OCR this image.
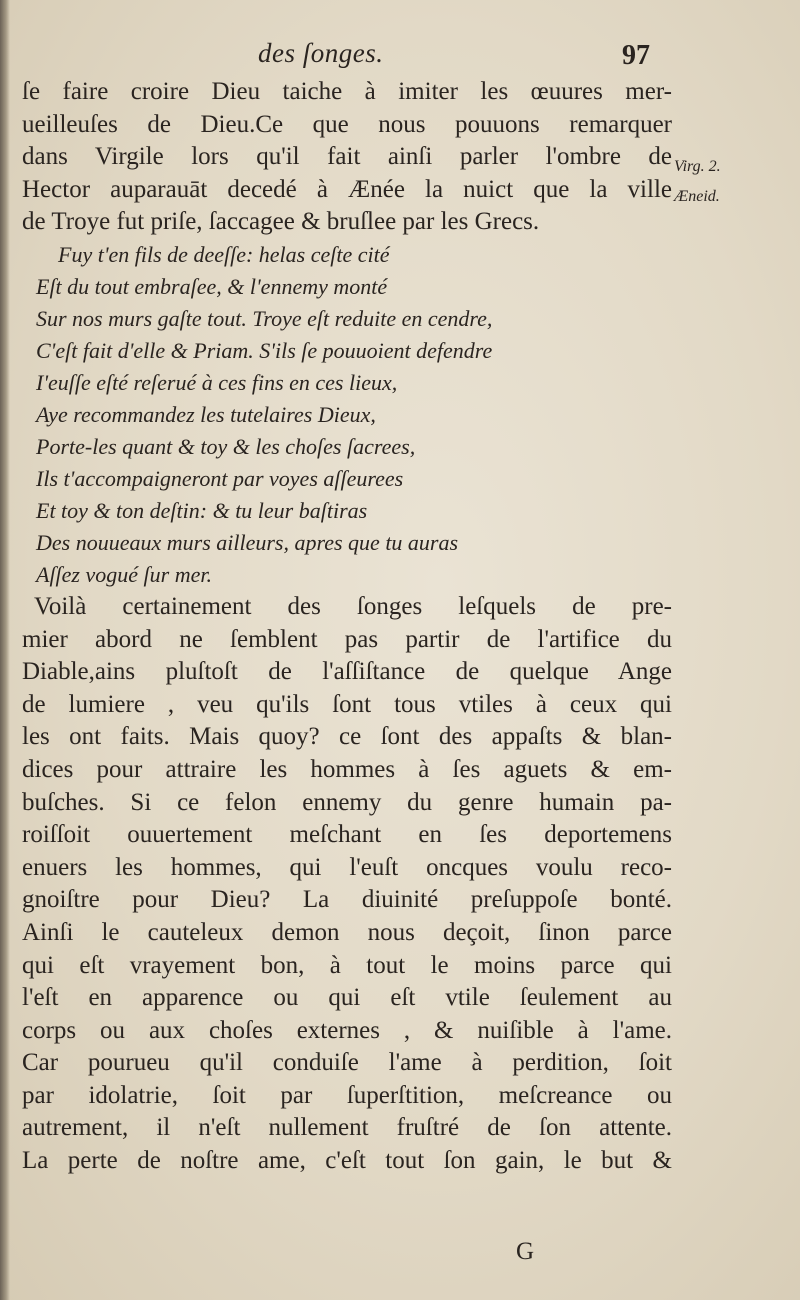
des ſonges.	97
ſe faire croire Dieu taiche à imiter les œuures mer-
ueilleuſes de Dieu.Ce que nous pouuons remarquer
dans Virgile lors qu'il fait ainſi parler l'ombre de
Hector auparauāt decedé à Ænée la nuict que la ville
de Troye fut priſe, ſaccagee & bruſlee par les Grecs.
Fuy t'en fils de deeſſe: helas ceſte cité
Eſt du tout embraſee, & l'ennemy monté
Sur nos murs gaſte tout. Troye eſt reduite en cendre,
C'eſt fait d'elle & Priam. S'ils ſe pouuoient defendre
I'euſſe eſté reſerué à ces fins en ces lieux,
Aye recommandez les tutelaires Dieux,
Porte-les quant & toy & les choſes ſacrees,
Ils t'accompaigneront par voyes aſſeurees
Et toy & ton deſtin: & tu leur baſtiras
Des nouueaux murs ailleurs, apres que tu auras
Aſſez vogué ſur mer.
Voilà certainement des ſonges leſquels de pre-
mier abord ne ſemblent pas partir de l'artifice du
Diable,ains pluſtoſt de l'aſſiſtance de quelque Ange
de lumiere , veu qu'ils ſont tous vtiles à ceux qui
les ont faits. Mais quoy? ce ſont des appaſts & blan-
dices pour attraire les hommes à ſes aguets & em-
buſches. Si ce felon ennemy du genre humain pa-
roiſſoit ouuertement meſchant en ſes deportemens
enuers les hommes, qui l'euſt oncques voulu reco-
gnoiſtre pour Dieu? La diuinité preſuppoſe bonté.
Ainſi le cauteleux demon nous deçoit, ſinon parce
qui eſt vrayement bon, à tout le moins parce qui
l'eſt en apparence ou qui eſt vtile ſeulement au
corps ou aux choſes externes , & nuiſible à l'ame.
Car pourueu qu'il conduiſe l'ame à perdition, ſoit
par idolatrie, ſoit par ſuperſtition, meſcreance ou
autrement, il n'eſt nullement fruſtré de ſon attente.
La perte de noſtre ame, c'eſt tout ſon gain, le but &
Virg. 2.
Æneid.
G
